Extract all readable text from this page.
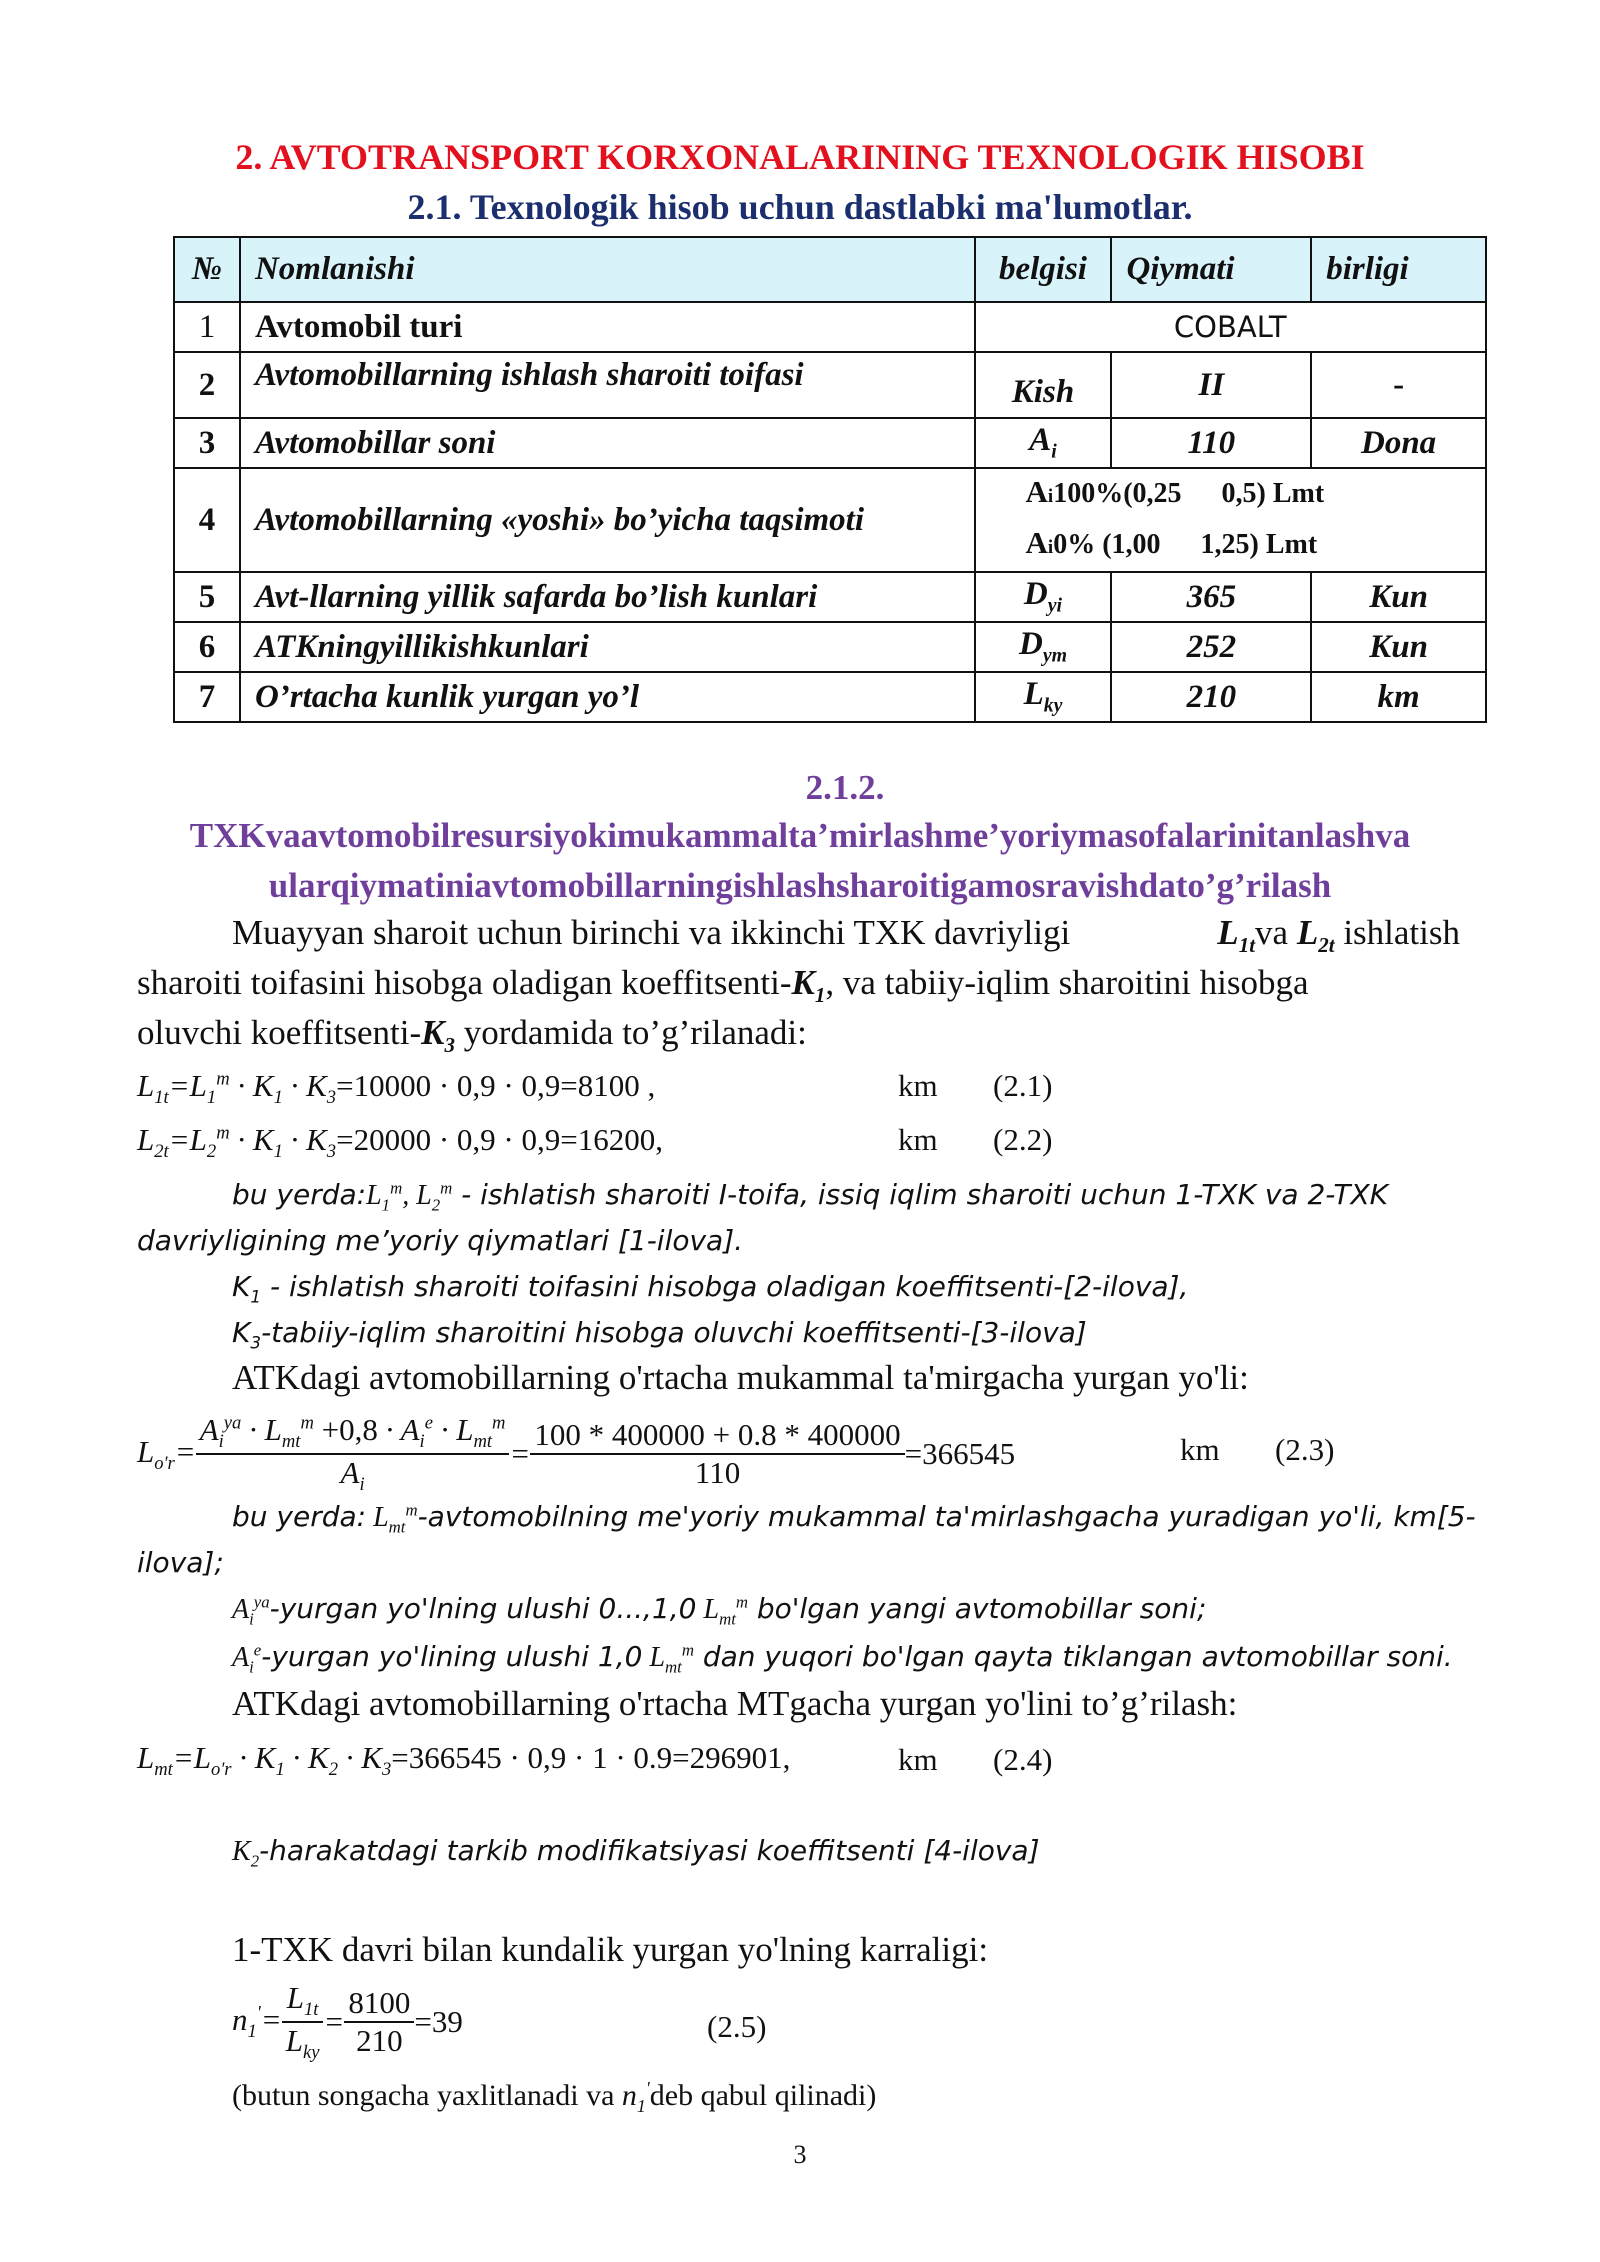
2. AVTOTRANSPORT KORXONALARINING TEXNOLOGIK HISOBI
2.1. Texnologik hisob uchun dastlabki ma'lumotlar.
№	Nomlanishi	belgisi	Qiymati	birligi
1	Avtomobil turi	COBALT		
2	Avtomobillarning ishlash sharoiti toifasi	Kish	II	-
3	Avtomobillar soni	$A_i$	110	Dona
4	Avtomobillarning «yoshi» bo’yicha taqsimoti	Ai100%(0,25 0,5) Lmt
Ai0% (1,00 1,25) Lmt		

5	Avt-llarning yillik safarda bo’lish kunlari	$D_{yi}$	365	Kun
6	ATKningyillikishkunlari	$D_{ym}$	252	Kun
7	O’rtacha kunlik yurgan yo’l	$L_{ky}$	210	km
2.1.2.
TXKvaavtomobilresursiyokimukammalta’mirlashme’yoriymasofalarinitanlashva
ularqiymatiniavtomobillarningishlashsharoitigamosravishdato’g’rilash
Muayyan sharoit uchun birinchi va ikkinchi TXK davriyligi	$L_{1t}va$ $L_{2t}$ ishlatish
sharoiti toifasini hisobga oladigan koeffitsenti-$K_1$, va tabiiy-iqlim sharoitini hisobga
oluvchi koeffitsenti-$K_3$ yordamida to’g’rilanadi:
$L_{1t}=L_1^m \cdot K_1 \cdot K_3=10000 \cdot 0,9 \cdot 0,9=8100$ ,	km (2.1)
$L_{2t}=L_2^m \cdot K_1 \cdot K_3=20000 \cdot 0,9 \cdot 0,9=16200$,	km (2.2)
bu $yerda:L_1^m$, $L_2^m$ - ishlatish sharoiti I-toifa, issiq iqlim sharoiti uchun 1-TXK va 2-TXK
davriyligining me’yoriy qiymatlari [1-ilova].
$K_1$ - ishlatish sharoiti toifasini hisobga oladigan koeffitsenti-[2-ilova],
$K_3-tabiiy$-iqlim sharoitini hisobga oluvchi koeffitsenti-[3-ilova]
ATKdagi avtomobillarning o'rtacha mukammal ta'mirgacha yurgan yo'li:
$L_{o'r}= \frac{A_i^{ya} \cdot L_{mt}^m +0,8 \cdot A_i^e \cdot L_{mt}^m}{A_i} = \frac{100 * 400000 + 0.8 * 400000}{110} =366545$	km (2.3)
bu yerda: $L_{mt}^m$-avtomobilning me'yoriy mukammal ta'mirlashgacha yuradigan yo'li, km[5-
ilova];
$A_i^{ya}$-yurgan yo'lning ulushi 0...,1,0 $L_{mt}^m$ bo'lgan yangi avtomobillar soni;
$A_i^e$-yurgan yo'lining ulushi 1,0 $L_{mt}^m$ dan yuqori bo'lgan qayta tiklangan avtomobillar soni.
ATKdagi avtomobillarning o'rtacha MTgacha yurgan yo'lini to’g’rilash:
$L_{mt}=L_{o'r} \cdot K_1 \cdot K_2 \cdot K_3=366545 \cdot 0,9 \cdot 1 \cdot 0.9=296901$,	km (2.4)
$K_2$-harakatdagi tarkib modifikatsiyasi koeffitsenti [4-ilova]
1-TXK davri bilan kundalik yurgan yo'lning karraligi:
$n_1'= \frac{L_{1t}}{L_{ky}} = \frac{8100}{210} =39$	(2.5)
(butun songacha yaxlitlanadi va $n_1'deb$ qabul qilinadi)
3
